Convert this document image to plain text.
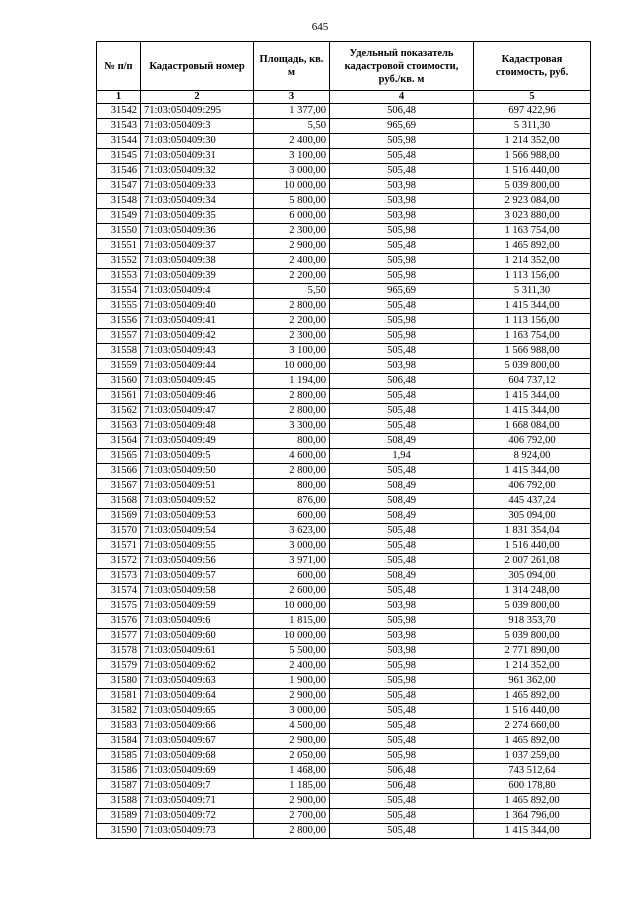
645
№ п/п	Кадастровый номер	Площадь, кв. м	Удельный показатель кадастровой стоимости, руб./кв. м	Кадастровая стоимость, руб.
1	2	3	4	5
31542	71:03:050409:295	1 377,00	506,48	697 422,96
31543	71:03:050409:3	5,50	965,69	5 311,30
31544	71:03:050409:30	2 400,00	505,98	1 214 352,00
31545	71:03:050409:31	3 100,00	505,48	1 566 988,00
31546	71:03:050409:32	3 000,00	505,48	1 516 440,00
31547	71:03:050409:33	10 000,00	503,98	5 039 800,00
31548	71:03:050409:34	5 800,00	503,98	2 923 084,00
31549	71:03:050409:35	6 000,00	503,98	3 023 880,00
31550	71:03:050409:36	2 300,00	505,98	1 163 754,00
31551	71:03:050409:37	2 900,00	505,48	1 465 892,00
31552	71:03:050409:38	2 400,00	505,98	1 214 352,00
31553	71:03:050409:39	2 200,00	505,98	1 113 156,00
31554	71:03:050409:4	5,50	965,69	5 311,30
31555	71:03:050409:40	2 800,00	505,48	1 415 344,00
31556	71:03:050409:41	2 200,00	505,98	1 113 156,00
31557	71:03:050409:42	2 300,00	505,98	1 163 754,00
31558	71:03:050409:43	3 100,00	505,48	1 566 988,00
31559	71:03:050409:44	10 000,00	503,98	5 039 800,00
31560	71:03:050409:45	1 194,00	506,48	604 737,12
31561	71:03:050409:46	2 800,00	505,48	1 415 344,00
31562	71:03:050409:47	2 800,00	505,48	1 415 344,00
31563	71:03:050409:48	3 300,00	505,48	1 668 084,00
31564	71:03:050409:49	800,00	508,49	406 792,00
31565	71:03:050409:5	4 600,00	1,94	8 924,00
31566	71:03:050409:50	2 800,00	505,48	1 415 344,00
31567	71:03:050409:51	800,00	508,49	406 792,00
31568	71:03:050409:52	876,00	508,49	445 437,24
31569	71:03:050409:53	600,00	508,49	305 094,00
31570	71:03:050409:54	3 623,00	505,48	1 831 354,04
31571	71:03:050409:55	3 000,00	505,48	1 516 440,00
31572	71:03:050409:56	3 971,00	505,48	2 007 261,08
31573	71:03:050409:57	600,00	508,49	305 094,00
31574	71:03:050409:58	2 600,00	505,48	1 314 248,00
31575	71:03:050409:59	10 000,00	503,98	5 039 800,00
31576	71:03:050409:6	1 815,00	505,98	918 353,70
31577	71:03:050409:60	10 000,00	503,98	5 039 800,00
31578	71:03:050409:61	5 500,00	503,98	2 771 890,00
31579	71:03:050409:62	2 400,00	505,98	1 214 352,00
31580	71:03:050409:63	1 900,00	505,98	961 362,00
31581	71:03:050409:64	2 900,00	505,48	1 465 892,00
31582	71:03:050409:65	3 000,00	505,48	1 516 440,00
31583	71:03:050409:66	4 500,00	505,48	2 274 660,00
31584	71:03:050409:67	2 900,00	505,48	1 465 892,00
31585	71:03:050409:68	2 050,00	505,98	1 037 259,00
31586	71:03:050409:69	1 468,00	506,48	743 512,64
31587	71:03:050409:7	1 185,00	506,48	600 178,80
31588	71:03:050409:71	2 900,00	505,48	1 465 892,00
31589	71:03:050409:72	2 700,00	505,48	1 364 796,00
31590	71:03:050409:73	2 800,00	505,48	1 415 344,00
